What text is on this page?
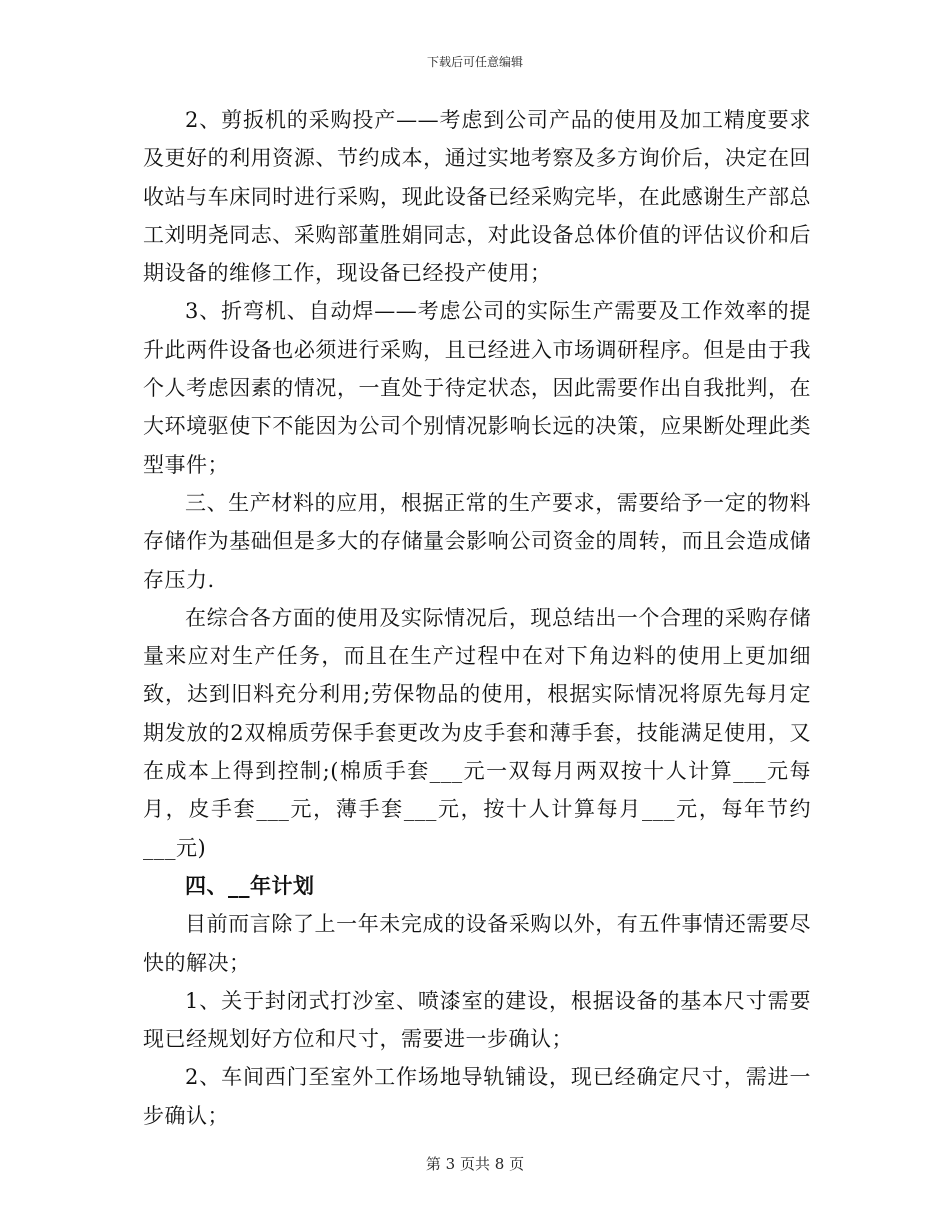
下载后可任意编辑

2、剪扳机的采购投产——考虑到公司产品的使用及加工精度要求及更好的利用资源、节约成本，通过实地考察及多方询价后，决定在回收站与车床同时进行采购，现此设备已经采购完毕，在此感谢生产部总工刘明尧同志、采购部董胜娟同志，对此设备总体价值的评估议价和后期设备的维修工作，现设备已经投产使用；

3、折弯机、自动焊——考虑公司的实际生产需要及工作效率的提升此两件设备也必须进行采购，且已经进入市场调研程序。但是由于我个人考虑因素的情况，一直处于待定状态，因此需要作出自我批判，在大环境驱使下不能因为公司个别情况影响长远的决策，应果断处理此类型事件；

三、生产材料的应用，根据正常的生产要求，需要给予一定的物料存储作为基础但是多大的存储量会影响公司资金的周转，而且会造成储存压力.

在综合各方面的使用及实际情况后，现总结出一个合理的采购存储量来应对生产任务，而且在生产过程中在对下角边料的使用上更加细致，达到旧料充分利用;劳保物品的使用，根据实际情况将原先每月定期发放的2双棉质劳保手套更改为皮手套和薄手套，技能满足使用，又在成本上得到控制;(棉质手套___元一双每月两双按十人计算___元每月，皮手套___元，薄手套___元，按十人计算每月___元，每年节约___元)

四、__年计划

目前而言除了上一年未完成的设备采购以外，有五件事情还需要尽快的解决；

1、关于封闭式打沙室、喷漆室的建设，根据设备的基本尺寸需要现已经规划好方位和尺寸，需要进一步确认；

2、车间西门至室外工作场地导轨铺设，现已经确定尺寸，需进一步确认；

第 3 页共 8 页
